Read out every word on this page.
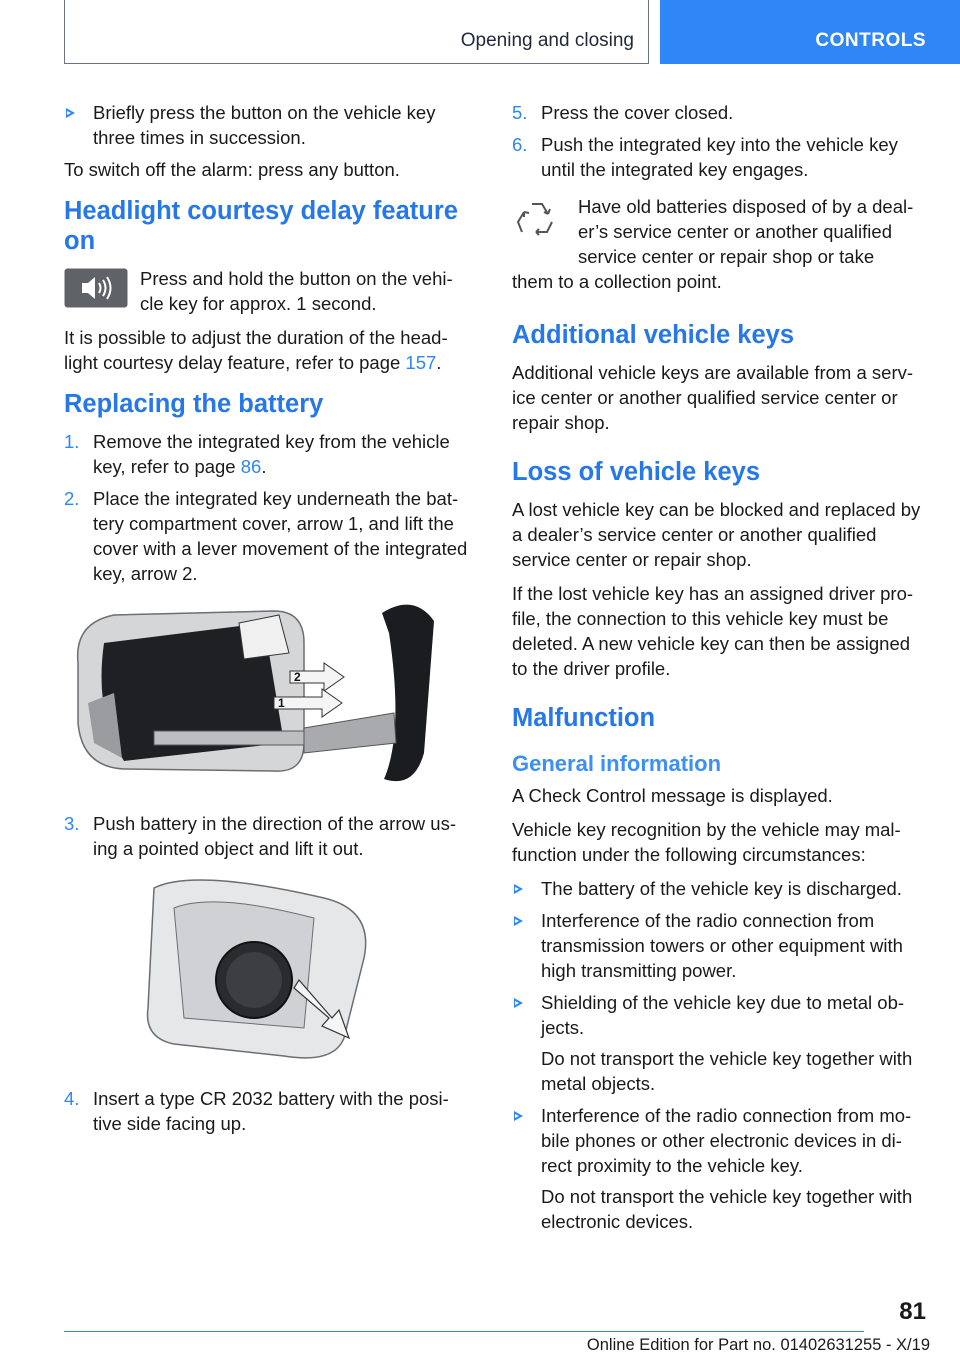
Opening and closing	CONTROLS
Briefly press the button on the vehicle key three times in succession.

To switch off the alarm: press any button.

Headlight courtesy delay feature on
Press and hold the button on the vehi-cle key for approx. 1 second.

It is possible to adjust the duration of the head-light courtesy delay feature, refer to page 157.

Replacing the battery
1. Remove the integrated key from the vehicle key, refer to page 86.
2. Place the integrated key underneath the bat-tery compartment cover, arrow 1, and lift the cover with a lever movement of the integrated key, arrow 2.
2
1
3. Push battery in the direction of the arrow us-ing a pointed object and lift it out.
4. Insert a type CR 2032 battery with the posi-tive side facing up.
5. Press the cover closed.
6. Push the integrated key into the vehicle key until the integrated key engages.
Have old batteries disposed of by a deal-er’s service center or another qualified service center or repair shop or take

them to a collection point.

Additional vehicle keys

Additional vehicle keys are available from a serv-ice center or another qualified service center or repair shop.

Loss of vehicle keys

A lost vehicle key can be blocked and replaced by a dealer’s service center or another qualified service center or repair shop.

If the lost vehicle key has an assigned driver pro-file, the connection to this vehicle key must be deleted. A new vehicle key can then be assigned to the driver profile.

Malfunction
General information

A Check Control message is displayed.

Vehicle key recognition by the vehicle may mal-function under the following circumstances:

The battery of the vehicle key is discharged.
Interference of the radio connection from transmission towers or other equipment with high transmitting power.
Shielding of the vehicle key due to metal ob-jects.
Do not transport the vehicle key together with metal objects.
Interference of the radio connection from mo-bile phones or other electronic devices in di-rect proximity to the vehicle key.
Do not transport the vehicle key together with electronic devices.
81
Online Edition for Part no. 01402631255 - X/19
